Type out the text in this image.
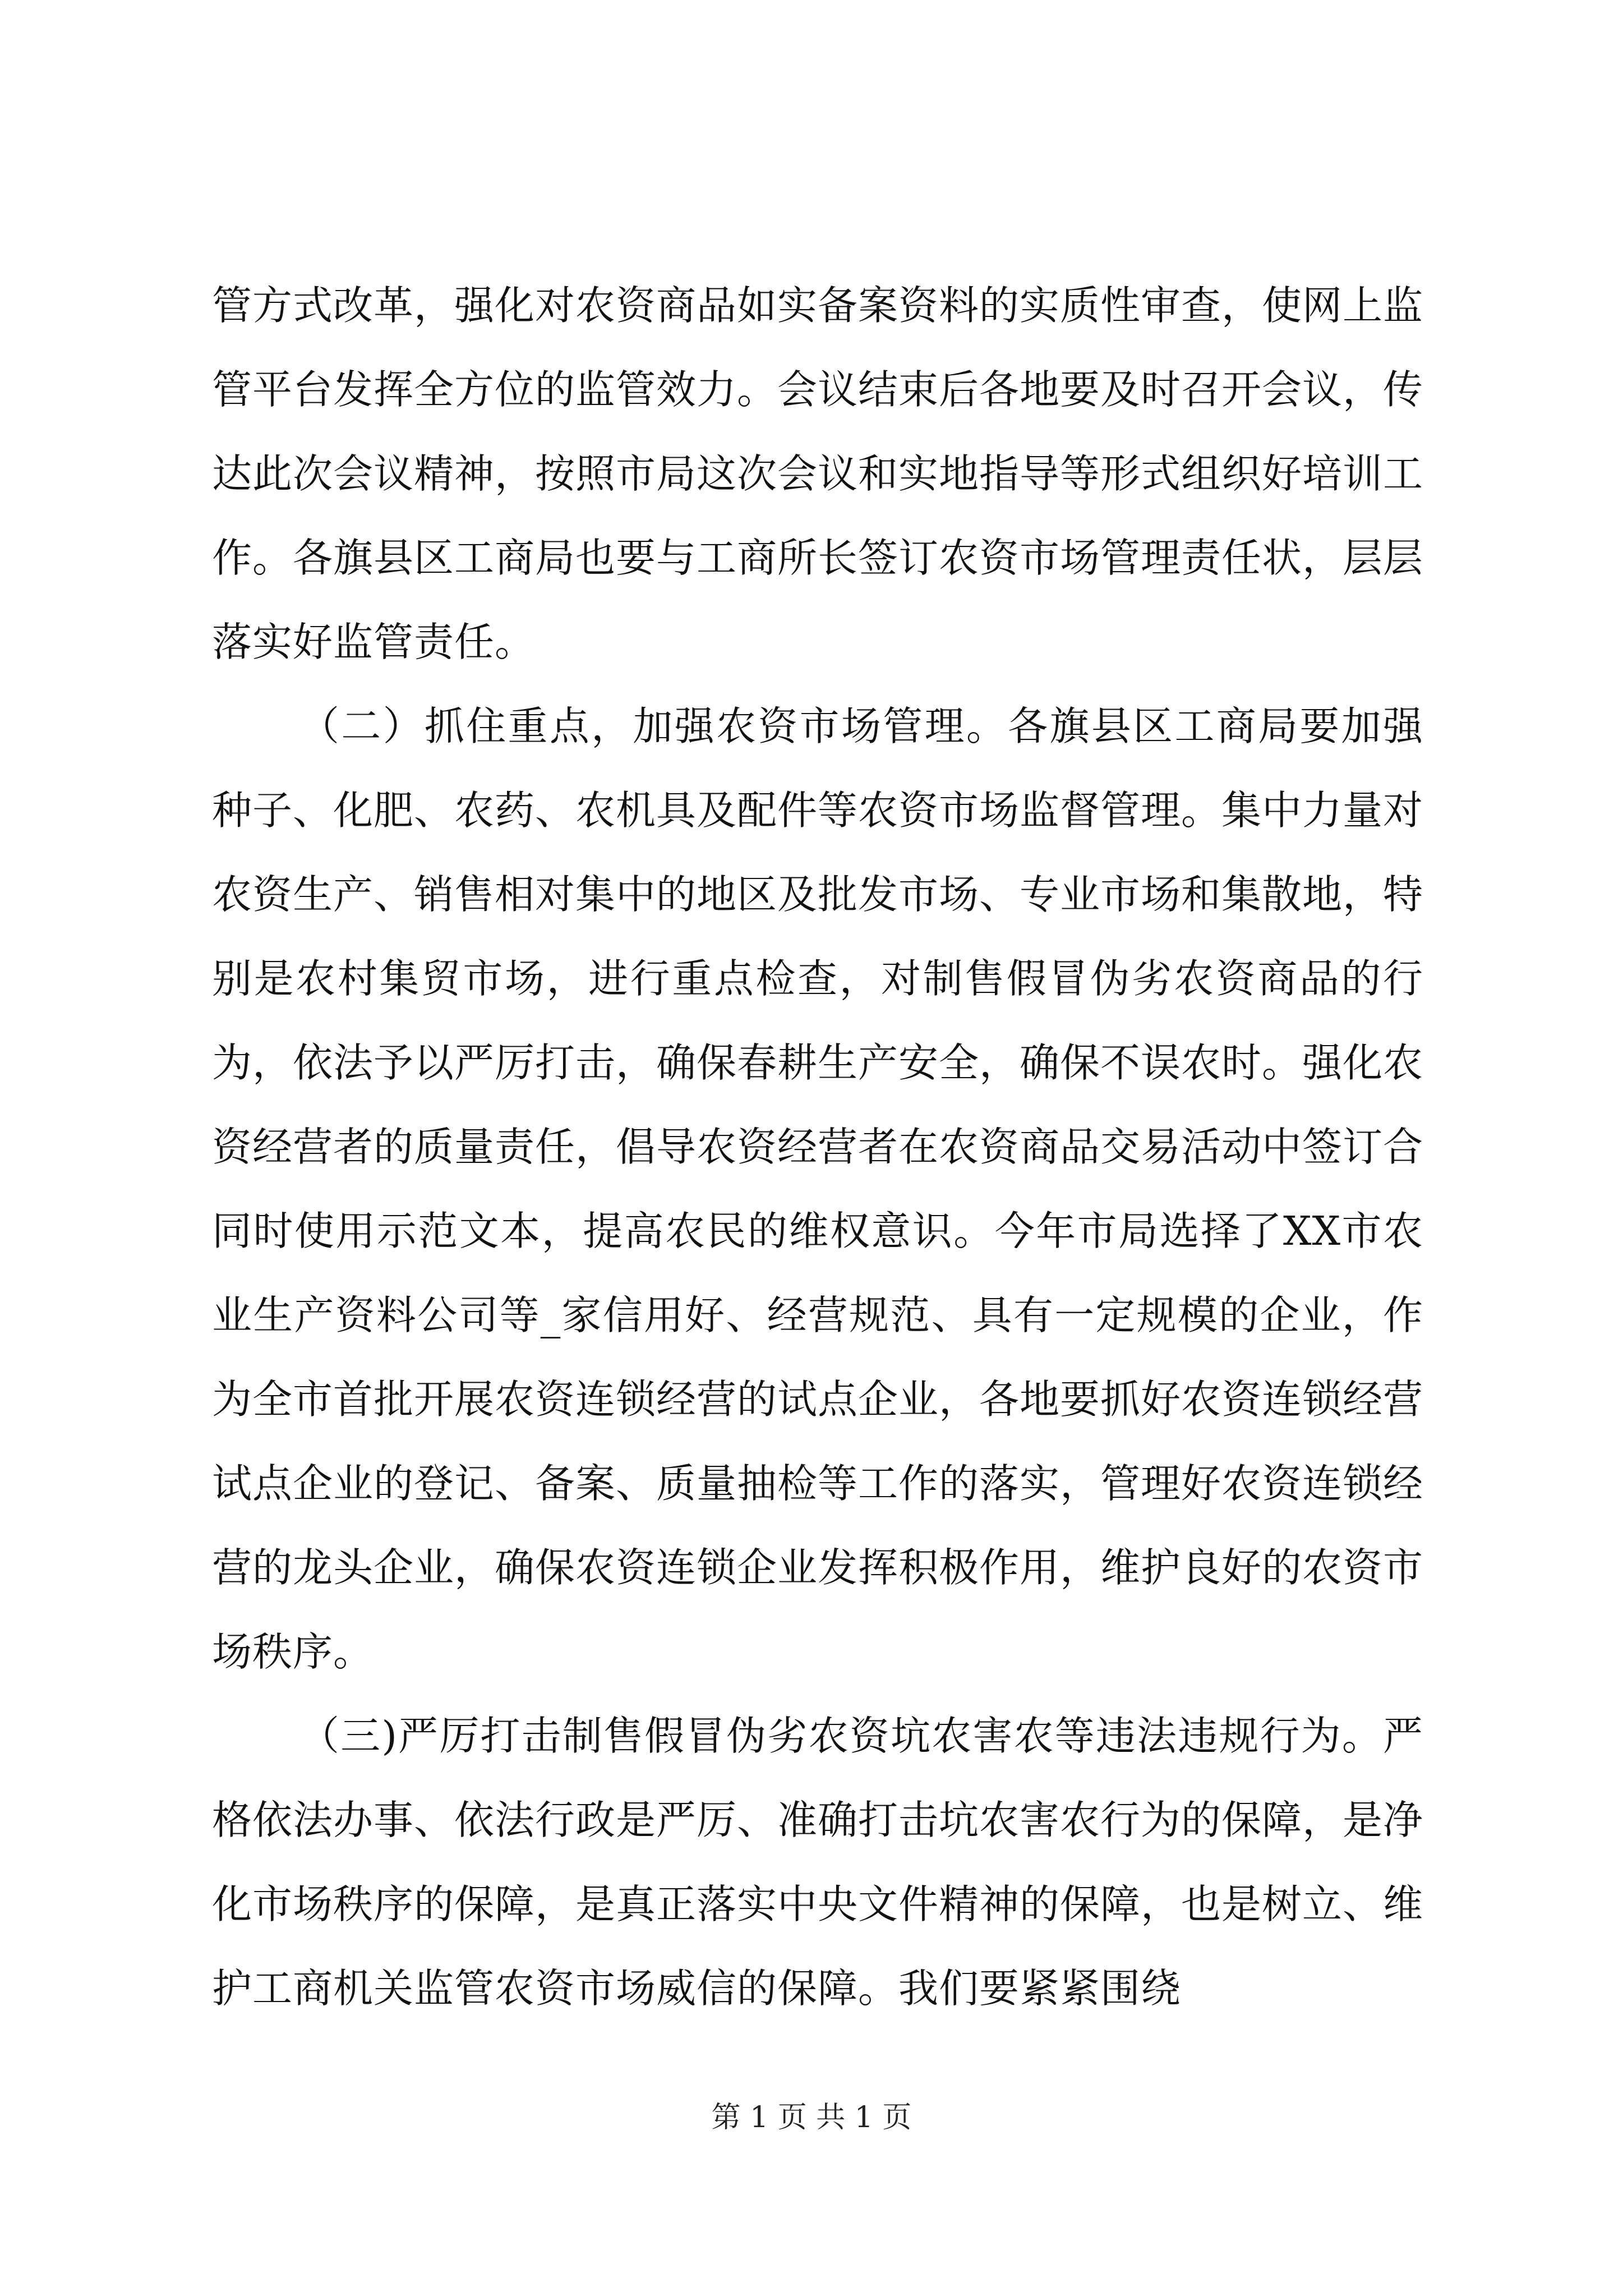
管方式改革，强化对农资商品如实备案资料的实质性审查，使网上监管平台发挥全方位的监管效力。会议结束后各地要及时召开会议，传达此次会议精神，按照市局这次会议和实地指导等形式组织好培训工作。各旗县区工商局也要与工商所长签订农资市场管理责任状，层层落实好监管责任。

（二）抓住重点，加强农资市场管理。各旗县区工商局要加强种子、化肥、农药、农机具及配件等农资市场监督管理。集中力量对农资生产、销售相对集中的地区及批发市场、专业市场和集散地，特别是农村集贸市场，进行重点检查，对制售假冒伪劣农资商品的行为，依法予以严厉打击，确保春耕生产安全，确保不误农时。强化农资经营者的质量责任，倡导农资经营者在农资商品交易活动中签订合同时使用示范文本，提高农民的维权意识。今年市局选择了XX市农业生产资料公司等_家信用好、经营规范、具有一定规模的企业，作为全市首批开展农资连锁经营的试点企业，各地要抓好农资连锁经营试点企业的登记、备案、质量抽检等工作的落实，管理好农资连锁经营的龙头企业，确保农资连锁企业发挥积极作用，维护良好的农资市场秩序。

（三)严厉打击制售假冒伪劣农资坑农害农等违法违规行为。严格依法办事、依法行政是严厉、准确打击坑农害农行为的保障，是净化市场秩序的保障，是真正落实中央文件精神的保障，也是树立、维护工商机关监管农资市场威信的保障。我们要紧紧围绕

第 1 页 共 1 页
